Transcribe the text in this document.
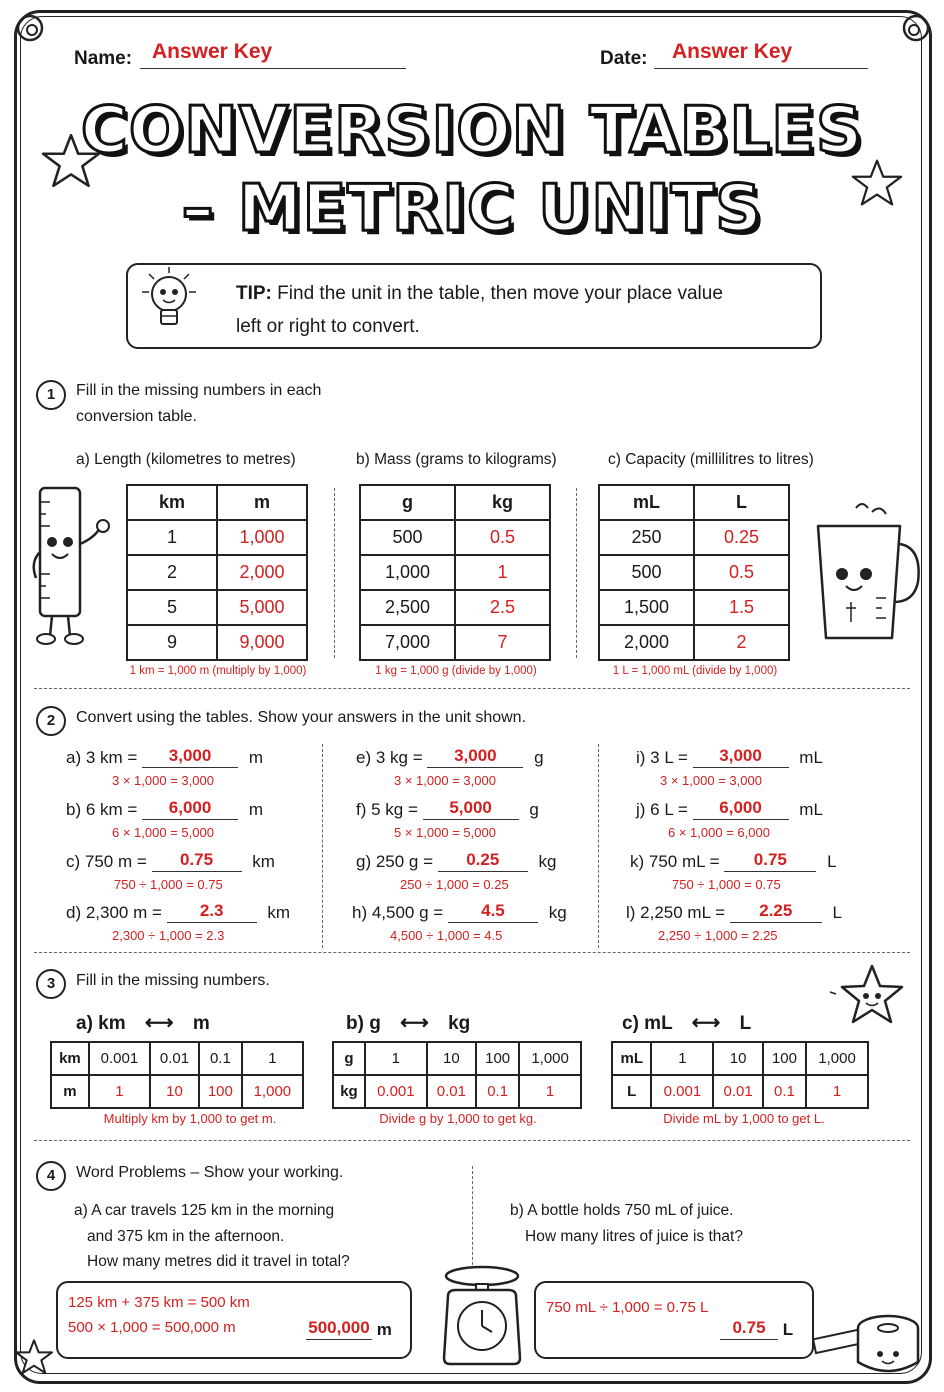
Name: Answer Key	Date:	Answer Key
CONVERSION TABLES
– METRIC UNITS
TIP: Find the unit in the table, then move your place value
left or right to convert.
1	Fill in the missing numbers in each
conversion table.
a) Length (kilometres to metres)	b) Mass (grams to kilograms)	c) Capacity (millilitres to litres)
km	m
1	1,000
2	2,000
5	5,000
9	9,000
g	kg
500	0.5
1,000	1
2,500	2.5
7,000	7
mL	L
250	0.25
500	0.5
1,500	1.5
2,000	2
1 km = 1,000 m (multiply by 1,000)	1 kg = 1,000 g (divide by 1,000)	1 L = 1,000 mL (divide by 1,000)
2	Convert using the tables. Show your answers in the unit shown.
a) 3 km = 3,000 m
3 × 1,000 = 3,000
b) 6 km = 6,000 m
6 × 1,000 = 5,000
c) 750 m = 0.75 km
750 ÷ 1,000 = 0.75
d) 2,300 m = 2.3	km
2,300 ÷ 1,000 = 2.3
e) 3 kg = 3,000 g
3 × 1,000 = 3,000
f) 5 kg = 5,000 g
5 × 1,000 = 5,000
g) 250 g = 0.25 kg
250 ÷ 1,000 = 0.25
h) 4,500 g = 4.5	kg
4,500 ÷ 1,000 = 4.5
i) 3 L = 3,000 mL
3 × 1,000 = 3,000
j) 6 L = 6,000 mL
6 × 1,000 = 6,000
k) 750 mL = 0.75 L
750 ÷ 1,000 = 0.75
l) 2,250 mL = 2.25 L
2,250 ÷ 1,000 = 2.25
3	Fill in the missing numbers.
a) km ⟷ m	b) g ⟷ kg	c) mL ⟷ L
km	0.001	0.01	0.1	1
m	1	10	100	1,000
g	1	10	100	1,000
kg	0.001	0.01	0.1	1
mL	1	10	100	1,000
L	0.001	0.01	0.1	1
Multiply km by 1,000 to get m.	Divide g by 1,000 to get kg.	Divide mL by 1,000 to get L.
4	Word Problems – Show your working.
a) A car travels 125 km in the morning
and 375 km in the afternoon.
How many metres did it travel in total?
b) A bottle holds 750 mL of juice.
How many litres of juice is that?
125 km + 375 km = 500 km
500 × 1,000 = 500,000 m	500,000 m
750 mL ÷ 1,000 = 0.75 L
0.75 L
